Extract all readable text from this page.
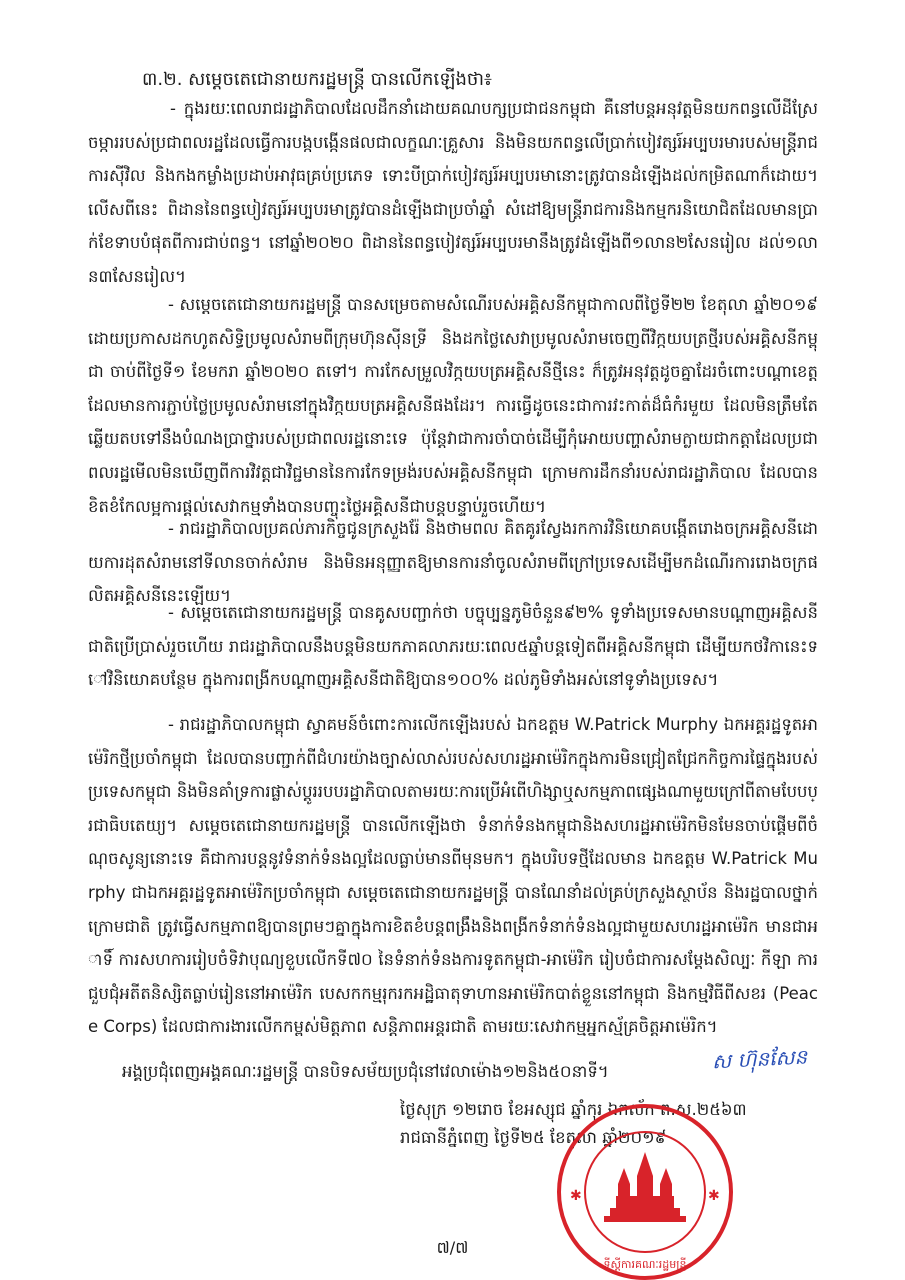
៣.២. សម្ដេចតេជោនាយករដ្ឋមន្ត្រី បានលើកឡើងថា៖
- ក្នុងរយៈពេលរាជរដ្ឋាភិបាលដែលដឹកនាំដោយគណបក្សប្រជាជនកម្ពុជា គឺនៅបន្តអនុវត្តមិនយកពន្ធលើដីស្រែចម្ការរបស់ប្រជាពលរដ្ឋដែលធ្វើការបង្កបង្កើនផលជាលក្ខណៈគ្រួសារ និងមិនយកពន្ធលើប្រាក់បៀវត្សរ៍អប្បបរមារបស់មន្ត្រីរាជការស៊ីវិល និងកងកម្លាំងប្រដាប់អាវុធគ្រប់ប្រភេទ ទោះបីប្រាក់បៀវត្សរ៍អប្បបរមានោះត្រូវបានដំឡើងដល់កម្រិតណាក៏ដោយ។ លើសពីនេះ ពិដាននៃពន្ធបៀវត្សរ៍អប្បបរមាត្រូវបានដំឡើងជាប្រចាំឆ្នាំ សំដៅឱ្យមន្ត្រីរាជការនិងកម្មករនិយោជិតដែលមានប្រាក់ខែទាបបំផុតពីការជាប់ពន្ធ។ នៅឆ្នាំ២០២០ ពិដាននៃពន្ធបៀវត្សរ៍អប្បបរមានឹងត្រូវដំឡើងពី១លាន២សែនរៀល ដល់១លាន៣សែនរៀល។
- សម្ដេចតេជោនាយករដ្ឋមន្ត្រី បានសម្រេចតាមសំណើរបស់អគ្គិសនីកម្ពុជាកាលពីថ្ងៃទី២២ ខែតុលា ឆ្នាំ២០១៩ ដោយប្រកាសដកហូតសិទ្ធិប្រមូលសំរាមពីក្រុមហ៊ុនស៊ីនទ្រី និងដកថ្លៃសេវាប្រមូលសំរាមចេញពីវិក្កយបត្រថ្មីរបស់អគ្គិសនីកម្ពុជា ចាប់ពីថ្ងៃទី១ ខែមករា ឆ្នាំ២០២០ តទៅ។ ការកែសម្រួលវិក្កយបត្រអគ្គិសនីថ្មីនេះ ក៏ត្រូវអនុវត្តដូចគ្នាដែរចំពោះបណ្ដាខេត្តដែលមានការភ្ជាប់ថ្លៃប្រមូលសំរាមនៅក្នុងវិក្កយបត្រអគ្គិសនីផងដែរ។ ការធ្វើដូចនេះជាការវះកាត់ដ៏ធំកំរមួយ ដែលមិនត្រឹមតែឆ្លើយតបទៅនឹងបំណងប្រាថ្នារបស់ប្រជាពលរដ្ឋនោះទេ ប៉ុន្តែវាជាការចាំបាច់ដើម្បីកុំអោយបញ្ហាសំរាមក្លាយជាកត្តាដែលប្រជាពលរដ្ឋមើលមិនឃើញពីការវិវត្តជាវិជ្ជមាននៃការកែទម្រង់របស់អគ្គិសនីកម្ពុជា ក្រោមការដឹកនាំរបស់រាជរដ្ឋាភិបាល ដែលបានខិតខំកែលម្អការផ្ដល់សេវាកម្មទាំងបានបញ្ចុះថ្លៃអគ្គិសនីជាបន្តបន្ទាប់រួចហើយ។
- រាជរដ្ឋាភិបាលប្រគល់ភារកិច្ចជូនក្រសួងរ៉ែ និងថាមពល គិតគូរស្វែងរកការវិនិយោគបង្កើតរោងចក្រអគ្គិសនីដោយការដុតសំរាមនៅទីលានចាក់សំរាម និងមិនអនុញ្ញាតឱ្យមានការនាំចូលសំរាមពីក្រៅប្រទេសដើម្បីមកដំណើរការរោងចក្រផលិតអគ្គិសនីនេះឡើយ។
- សម្ដេចតេជោនាយករដ្ឋមន្ត្រី បានគូសបញ្ជាក់ថា បច្ចុប្បន្នភូមិចំនួន៩២% ទូទាំងប្រទេសមានបណ្ដាញអគ្គិសនីជាតិប្រើប្រាស់រួចហើយ រាជរដ្ឋាភិបាលនឹងបន្តមិនយកភាគលាភរយៈពេល៥ឆ្នាំបន្តទៀតពីអគ្គិសនីកម្ពុជា ដើម្បីយកថវិកានេះទៅវិនិយោគបន្ថែម ក្នុងការពង្រីកបណ្ដាញអគ្គិសនីជាតិឱ្យបាន១០០% ដល់ភូមិទាំងអស់នៅទូទាំងប្រទេស។
- រាជរដ្ឋាភិបាលកម្ពុជា ស្វាគមន៍ចំពោះការលើកឡើងរបស់ ឯកឧត្តម W.Patrick Murphy ឯកអគ្គរដ្ឋទូតអាម៉េរិកថ្មីប្រចាំកម្ពុជា ដែលបានបញ្ជាក់ពីជំហរយ៉ាងច្បាស់លាស់របស់សហរដ្ឋអាម៉េរិកក្នុងការមិនជ្រៀតជ្រែកកិច្ចការផ្ទៃក្នុងរបស់ប្រទេសកម្ពុជា និងមិនគាំទ្រការផ្លាស់ប្ដូររបបរដ្ឋាភិបាលតាមរយៈការប្រើអំពើហិង្សាឬសកម្មភាពផ្សេងណាមួយក្រៅពីតាមបែបប្រជាធិបតេយ្យ។ សម្ដេចតេជោនាយករដ្ឋមន្ត្រី បានលើកឡើងថា ទំនាក់ទំនងកម្ពុជានិងសហរដ្ឋអាម៉េរិកមិនមែនចាប់ផ្ដើមពីចំណុចសូន្យនោះទេ គឺជាការបន្តនូវទំនាក់ទំនងល្អដែលធ្លាប់មានពីមុនមក។ ក្នុងបរិបទថ្មីដែលមាន ឯកឧត្តម W.Patrick Murphy ជាឯកអគ្គរដ្ឋទូតអាម៉េរិកប្រចាំកម្ពុជា សម្ដេចតេជោនាយករដ្ឋមន្ត្រី បានណែនាំដល់គ្រប់ក្រសួងស្ថាប័ន និងរដ្ឋបាលថ្នាក់ក្រោមជាតិ ត្រូវធ្វើសកម្មភាពឱ្យបានព្រមៗគ្នាក្នុងការខិតខំបន្តពង្រឹងនិងពង្រីកទំនាក់ទំនងល្អជាមួយសហរដ្ឋអាម៉េរិក មានជាអាទិ៍ ការសហការរៀបចំទិវាបុណ្យខួបលើកទី៧០ នៃទំនាក់ទំនងការទូតកម្ពុជា-អាម៉េរិក រៀបចំជាការសម្ដែងសិល្បៈ កីឡា ការជួបជុំអតីតនិស្សិតធ្លាប់រៀននៅអាម៉េរិក បេសកកម្មរុករកអដ្ឋិធាតុទាហានអាម៉េរិកបាត់ខ្លួននៅកម្ពុជា និងកម្មវិធីពីសខរ (Peace Corps) ដែលជាការងារលើកកម្ពស់មិត្តភាព សន្តិភាពអន្តរជាតិ តាមរយៈសេវាកម្មអ្នកស្ម័គ្រចិត្តអាម៉េរិក។
អង្គប្រជុំពេញអង្គគណៈរដ្ឋមន្ត្រី បានបិទសម័យប្រជុំនៅវេលាម៉ោង១២និង៥០នាទី។	ស ហ៊ុនសែន
ថ្ងៃសុក្រ ១២រោច ខែអស្សុជ ឆ្នាំកុរ ឯកស័ក ព.ស.២៥៦៣
រាជធានីភ្នំពេញ ថ្ងៃទី២៥ ខែតុលា ឆ្នាំ២០១៩
✱	✱
ទីស្ដីការគណៈរដ្ឋមន្ត្រី
៧/៧
